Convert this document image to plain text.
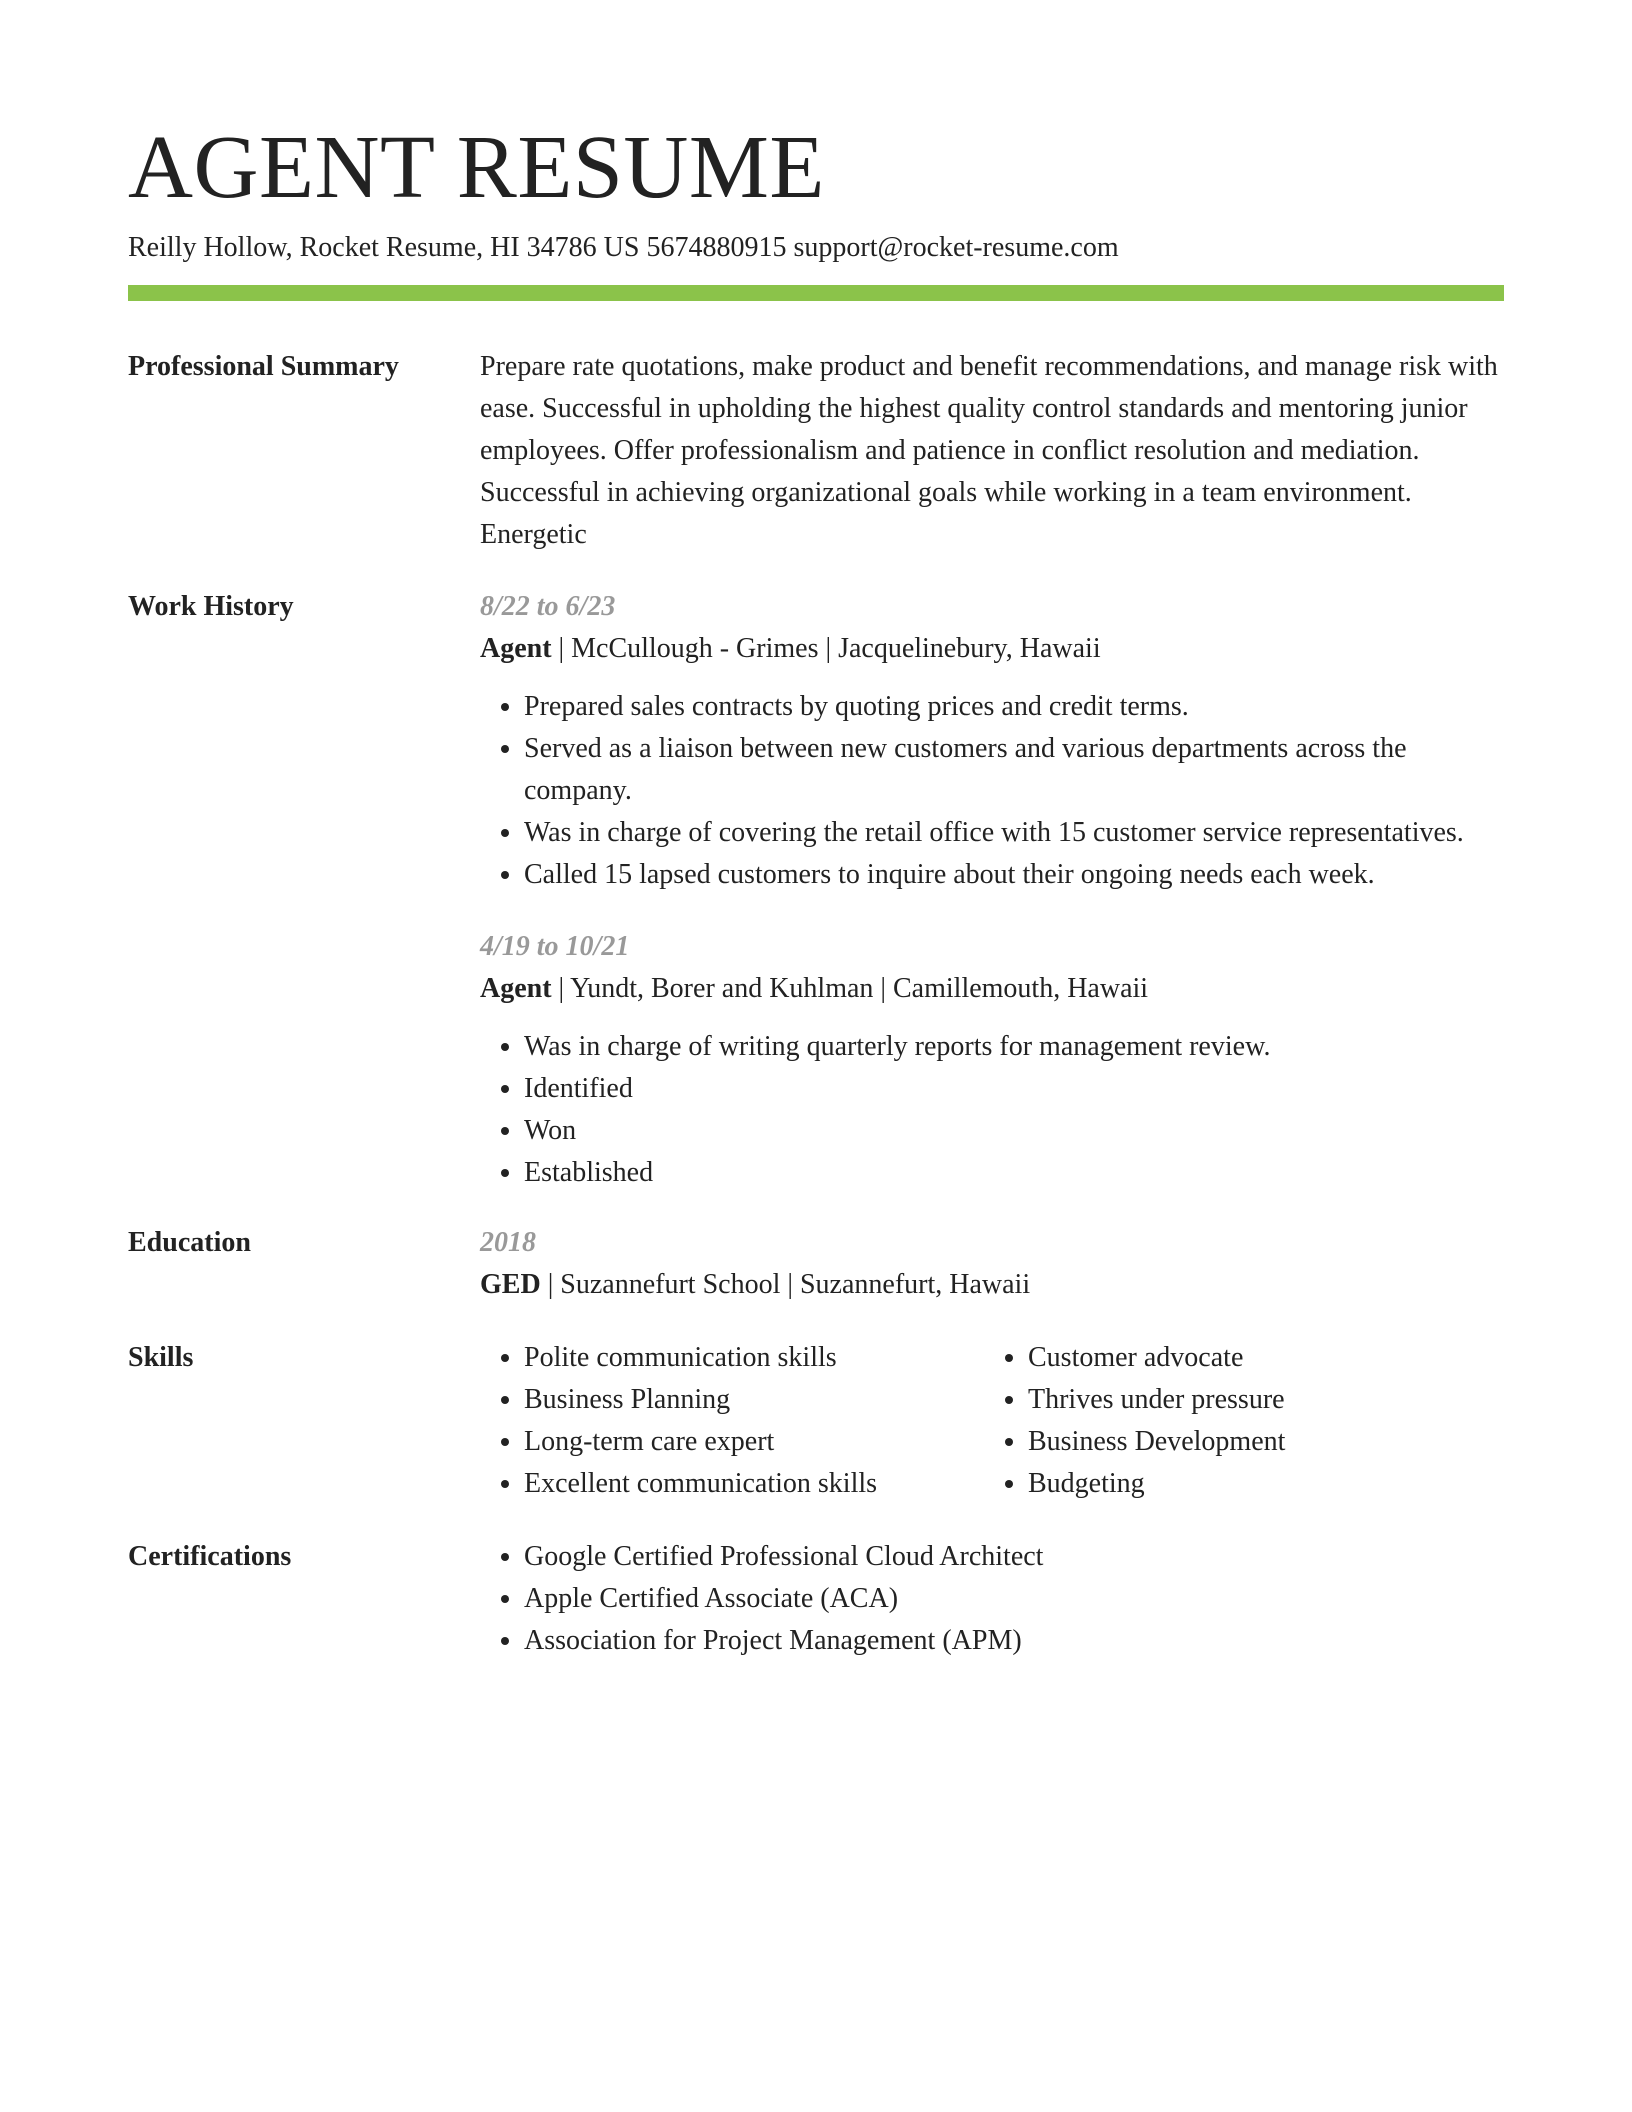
AGENT RESUME
Reilly Hollow, Rocket Resume, HI 34786 US 5674880915 support@rocket-resume.com
Professional Summary	Prepare rate quotations, make product and benefit recommendations, and manage risk with ease. Successful in upholding the highest quality control standards and mentoring junior employees. Offer professionalism and patience in conflict resolution and mediation. Successful in achieving organizational goals while working in a team environment. Energetic

Work History	8/22 to 6/23
Agent | McCullough - Grimes | Jacquelinebury, Hawaii
• Prepared sales contracts by quoting prices and credit terms.
• Served as a liaison between new customers and various departments across the company.
• Was in charge of covering the retail office with 15 customer service representatives.
• Called 15 lapsed customers to inquire about their ongoing needs each week.
4/19 to 10/21
Agent | Yundt, Borer and Kuhlman | Camillemouth, Hawaii
• Was in charge of writing quarterly reports for management review.
• Identified
• Won
• Established
Education	2018
GED | Suzannefurt School | Suzannefurt, Hawaii
Skills	• Polite communication skills
• Business Planning
• Long-term care expert
• Excellent communication skills
• Customer advocate
• Thrives under pressure
• Business Development
• Budgeting
Certifications	• Google Certified Professional Cloud Architect
• Apple Certified Associate (ACA)
• Association for Project Management (APM)
